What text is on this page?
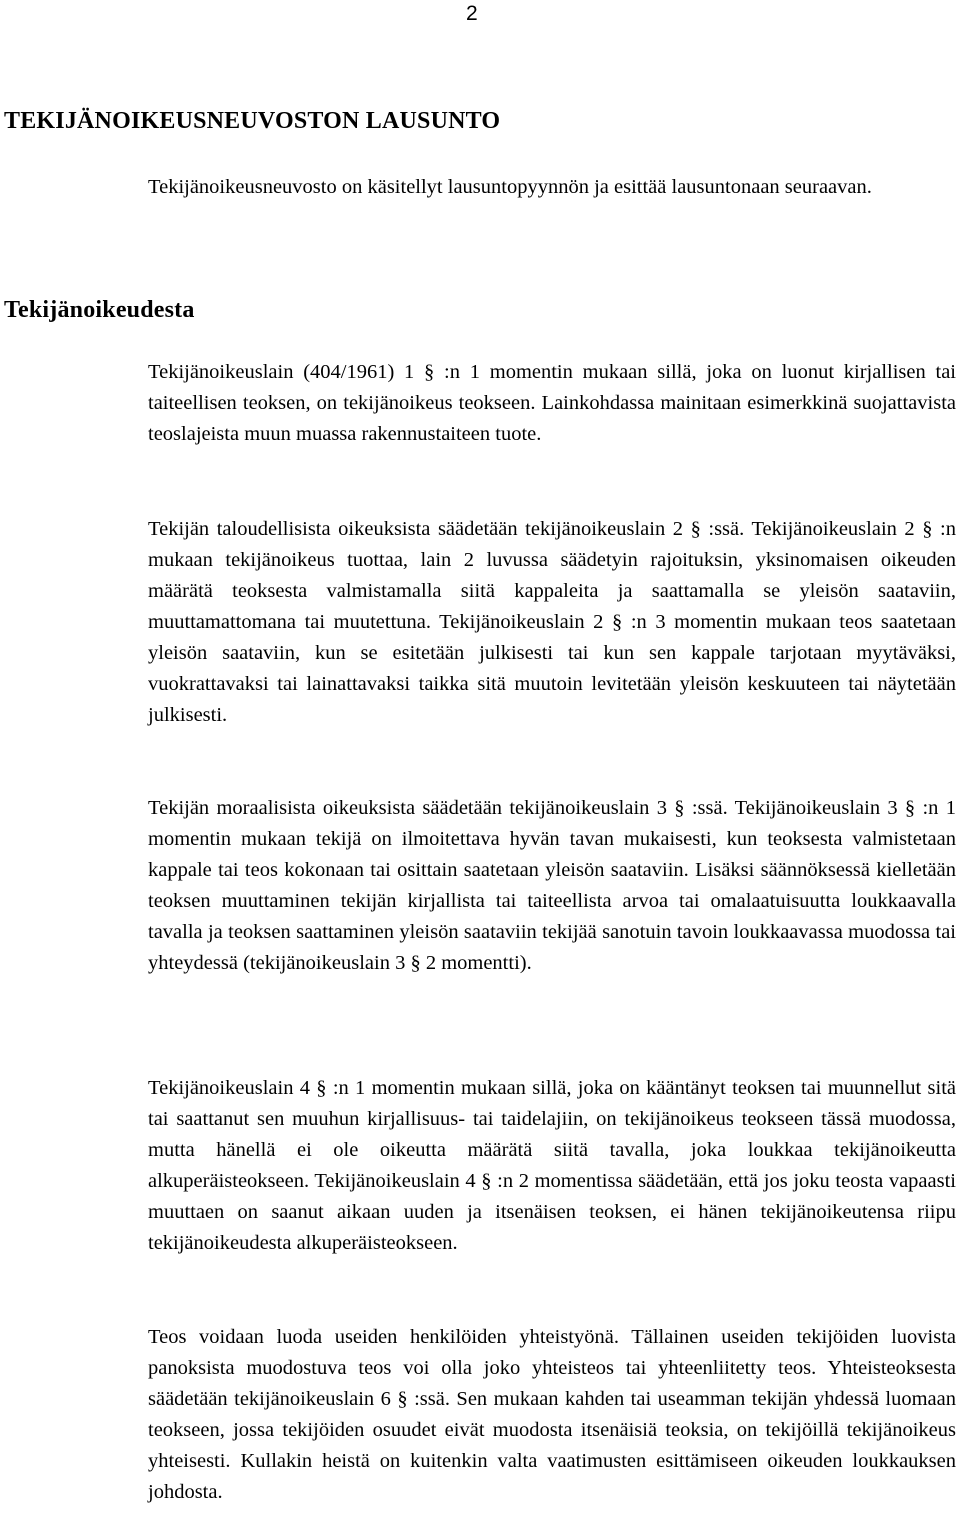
2
TEKIJÄNOIKEUSNEUVOSTON LAUSUNTO

Tekijänoikeusneuvosto on käsitellyt lausuntopyynnön ja esittää lausuntonaan seuraavan.

Tekijänoikeudesta

Tekijänoikeuslain (404/1961) 1 § :n 1 momentin mukaan sillä, joka on luonut kirjallisen tai taiteellisen teoksen, on tekijänoikeus teokseen. Lainkohdassa mainitaan esimerkkinä suojattavista teoslajeista muun muassa rakennustaiteen tuote.

Tekijän taloudellisista oikeuksista säädetään tekijänoikeuslain 2 § :ssä. Tekijänoikeuslain 2 § :n mukaan tekijänoikeus tuottaa, lain 2 luvussa säädetyin rajoituksin, yksinomaisen oikeuden määrätä teoksesta valmistamalla siitä kappaleita ja saattamalla se yleisön saataviin, muuttamattomana tai muutettuna. Tekijänoikeuslain 2 § :n 3 momentin mukaan teos saatetaan yleisön saataviin, kun se esitetään julkisesti tai kun sen kappale tarjotaan myytäväksi, vuokrattavaksi tai lainattavaksi taikka sitä muutoin levitetään yleisön keskuuteen tai näytetään julkisesti.

Tekijän moraalisista oikeuksista säädetään tekijänoikeuslain 3 § :ssä. Tekijänoikeuslain 3 § :n 1 momentin mukaan tekijä on ilmoitettava hyvän tavan mukaisesti, kun teoksesta valmistetaan kappale tai teos kokonaan tai osittain saatetaan yleisön saataviin. Lisäksi säännöksessä kielletään teoksen muuttaminen tekijän kirjallista tai taiteellista arvoa tai omalaatuisuutta loukkaavalla tavalla ja teoksen saattaminen yleisön saataviin tekijää sanotuin tavoin loukkaavassa muodossa tai yhteydessä (tekijänoikeuslain 3 § 2 momentti).

Tekijänoikeuslain 4 § :n 1 momentin mukaan sillä, joka on kääntänyt teoksen tai muunnellut sitä tai saattanut sen muuhun kirjallisuus- tai taidelajiin, on tekijänoikeus teokseen tässä muodossa, mutta hänellä ei ole oikeutta määrätä siitä tavalla, joka loukkaa tekijänoikeutta alkuperäisteokseen. Tekijänoikeuslain 4 § :n 2 momentissa säädetään, että jos joku teosta vapaasti muuttaen on saanut aikaan uuden ja itsenäisen teoksen, ei hänen tekijänoikeutensa riipu tekijänoikeudesta alkuperäisteokseen.

Teos voidaan luoda useiden henkilöiden yhteistyönä. Tällainen useiden tekijöiden luovista panoksista muodostuva teos voi olla joko yhteisteos tai yhteenliitetty teos. Yhteisteoksesta säädetään tekijänoikeuslain 6 § :ssä. Sen mukaan kahden tai useamman tekijän yhdessä luomaan teokseen, jossa tekijöiden osuudet eivät muodosta itsenäisiä teoksia, on tekijöillä tekijänoikeus yhteisesti. Kullakin heistä on kuitenkin valta vaatimusten esittämiseen oikeuden loukkauksen johdosta.
